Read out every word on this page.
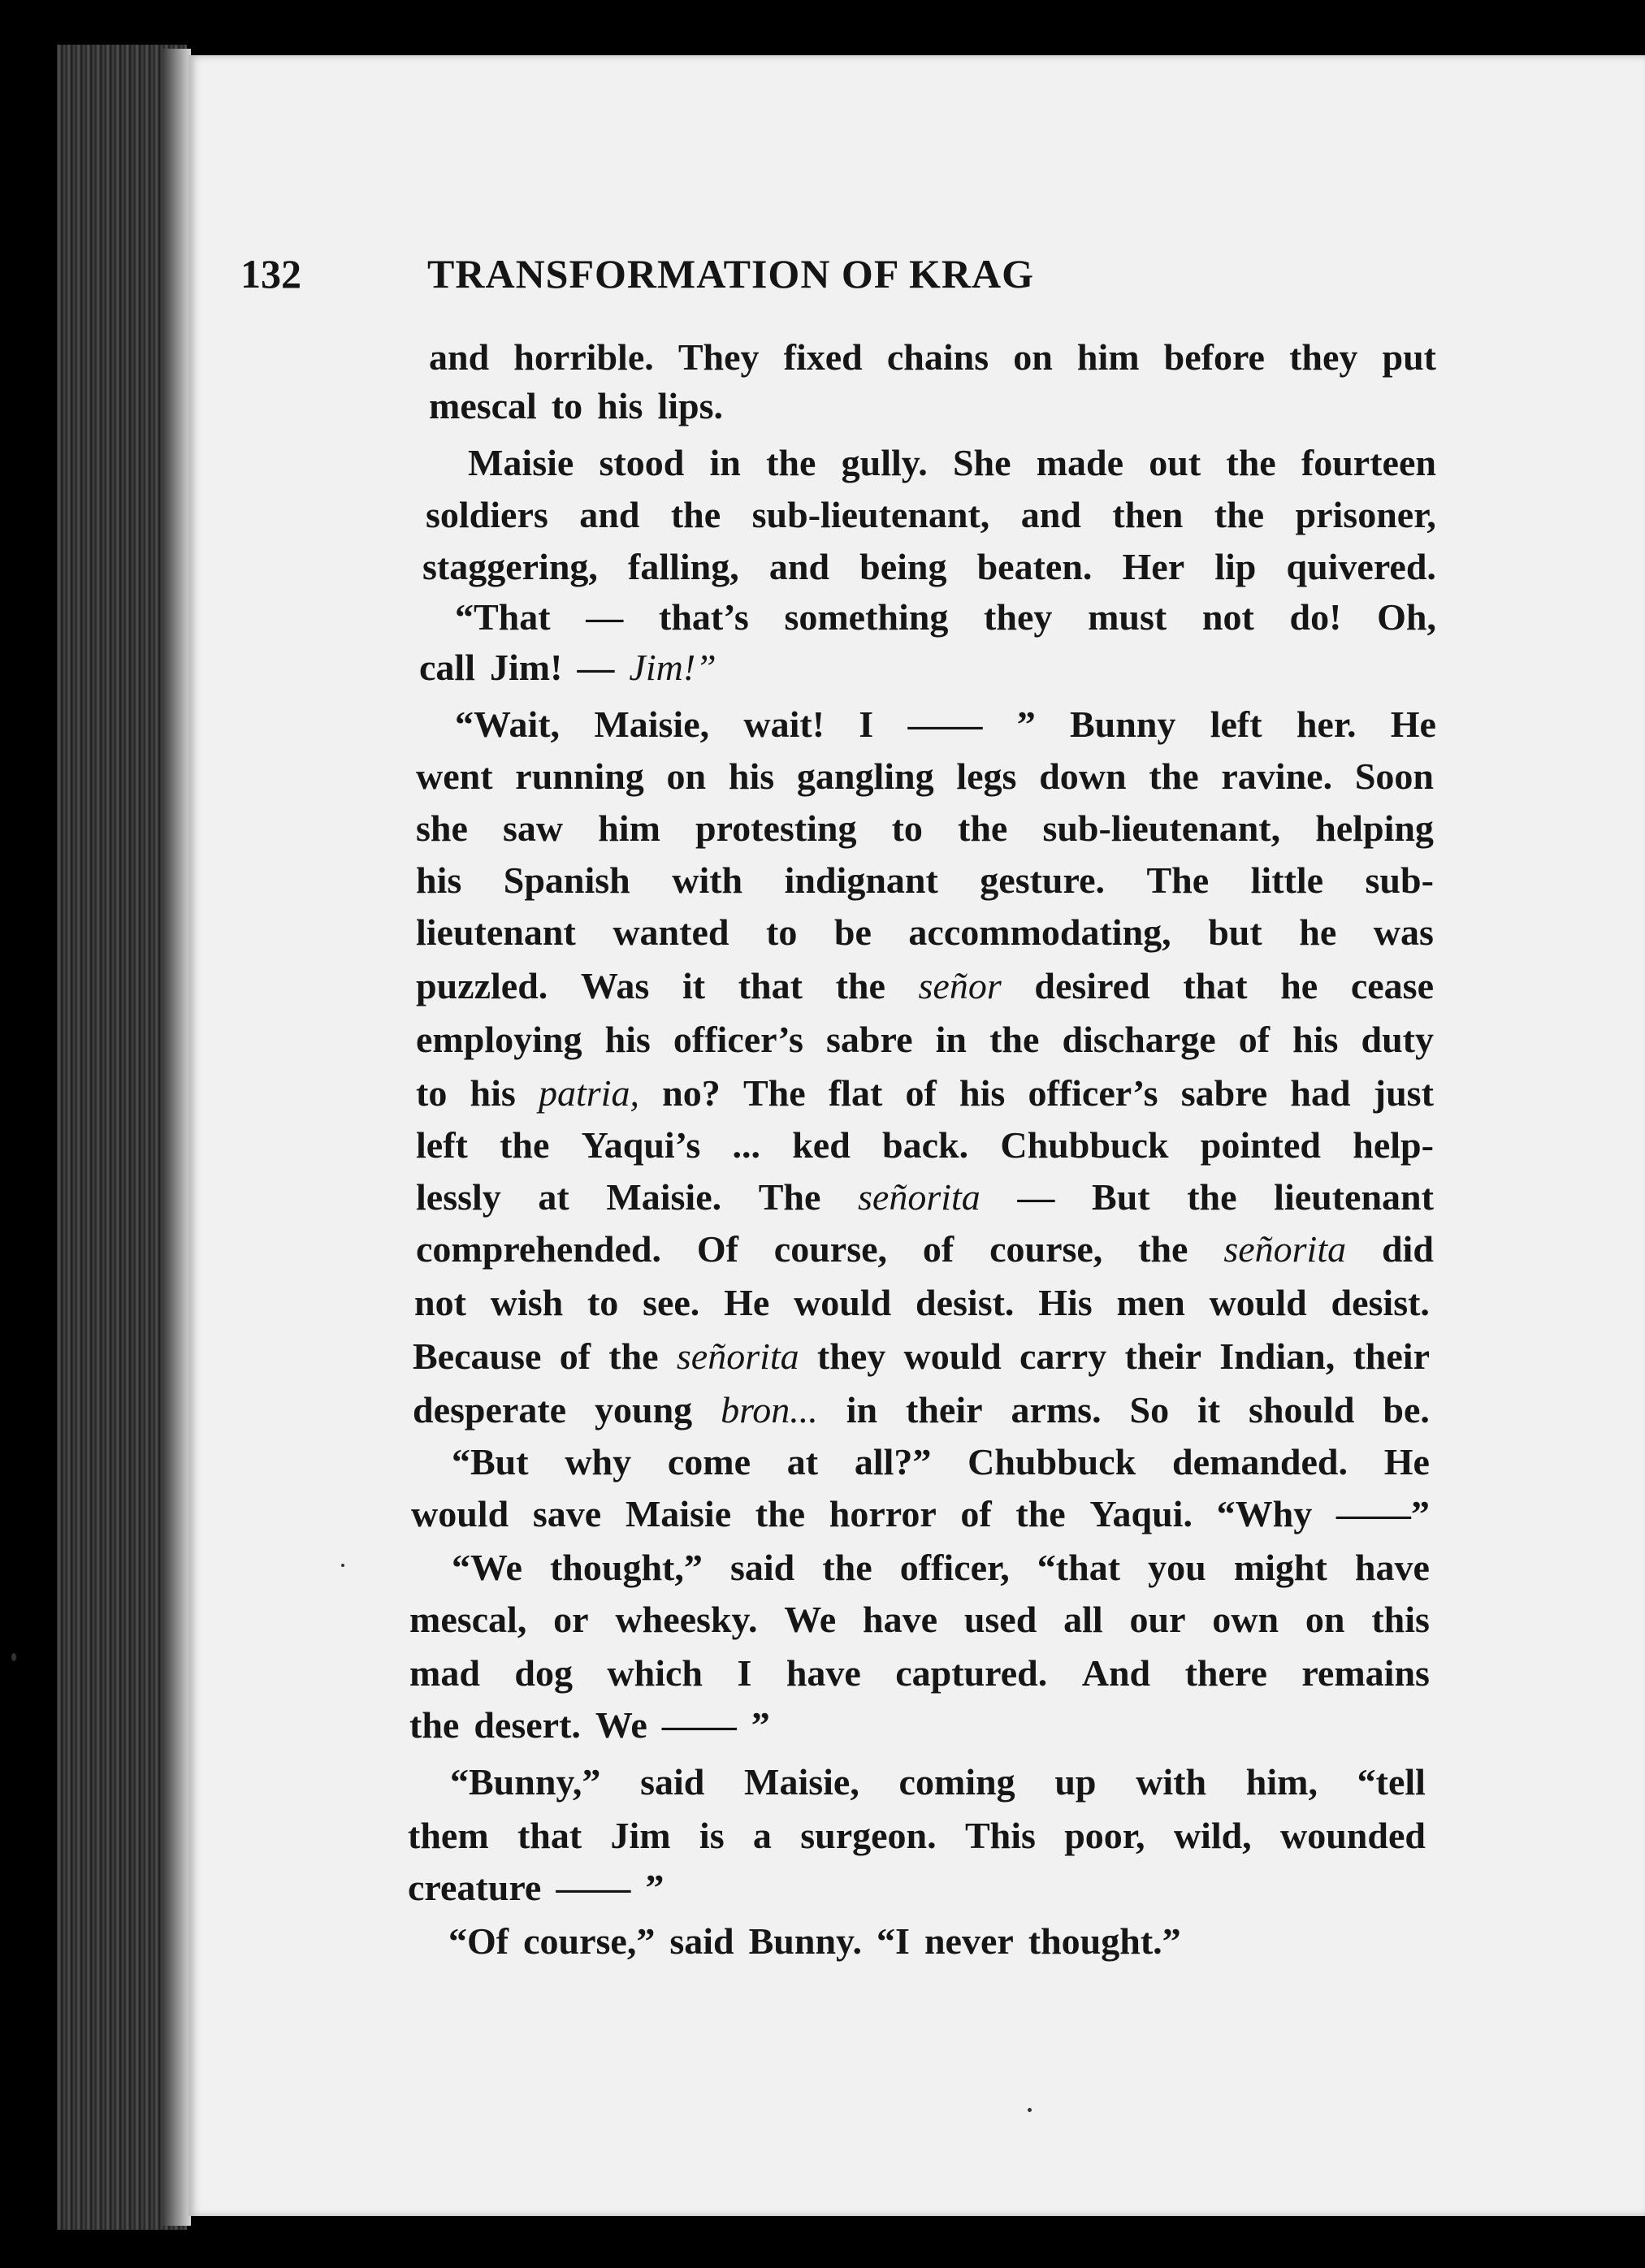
132	TRANSFORMATION OF KRAG
and horrible. They fixed chains on him before they put
mescal to his lips.
Maisie stood in the gully. She made out the fourteen
soldiers and the sub-lieutenant, and then the prisoner,
staggering, falling, and being beaten. Her lip quivered.
“That — that’s something they must not do! Oh,
call Jim! — Jim!”
“Wait, Maisie, wait! I —— ” Bunny left her. He
went running on his gangling legs down the ravine. Soon
she saw him protesting to the sub-lieutenant, helping
his Spanish with indignant gesture. The little sub-
lieutenant wanted to be accommodating, but he was
puzzled. Was it that the señor desired that he cease
employing his officer’s sabre in the discharge of his duty
to his patria, no? The flat of his officer’s sabre had just
left the Yaqui’s ... ked back. Chubbuck pointed help-
lessly at Maisie. The señorita — But the lieutenant
comprehended. Of course, of course, the señorita did
not wish to see. He would desist. His men would desist.
Because of the señorita they would carry their Indian, their
desperate young bron... in their arms. So it should be.
“But why come at all?” Chubbuck demanded. He
would save Maisie the horror of the Yaqui. “Why ——”
“We thought,” said the officer, “that you might have
mescal, or wheesky. We have used all our own on this
mad dog which I have captured. And there remains
the desert. We —— ”
“Bunny,” said Maisie, coming up with him, “tell
them that Jim is a surgeon. This poor, wild, wounded
creature —— ”
“Of course,” said Bunny. “I never thought.”
